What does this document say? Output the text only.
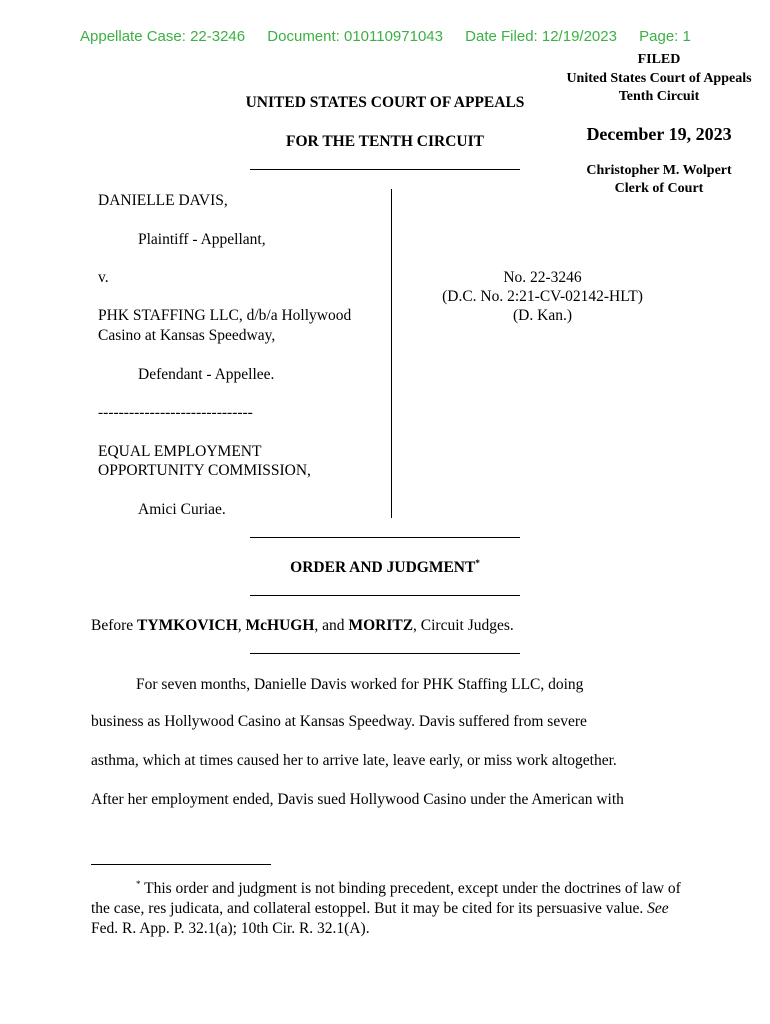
Appellate Case: 22-3246 Document: 010110971043 Date Filed: 12/19/2023 Page: 1
FILED
United States Court of Appeals
Tenth Circuit
December 19, 2023
Christopher M. Wolpert
Clerk of Court
UNITED STATES COURT OF APPEALS
FOR THE TENTH CIRCUIT
DANIELLE DAVIS,
Plaintiff - Appellant,
v.
PHK STAFFING LLC, d/b/a Hollywood
Casino at Kansas Speedway,
Defendant - Appellee.
------------------------------
EQUAL EMPLOYMENT
OPPORTUNITY COMMISSION,
Amici Curiae.
No. 22-3246
(D.C. No. 2:21-CV-02142-HLT)
(D. Kan.)
ORDER AND JUDGMENT*
Before TYMKOVICH, McHUGH, and MORITZ, Circuit Judges.
For seven months, Danielle Davis worked for PHK Staffing LLC, doing
business as Hollywood Casino at Kansas Speedway. Davis suffered from severe
asthma, which at times caused her to arrive late, leave early, or miss work altogether.
After her employment ended, Davis sued Hollywood Casino under the American with
* This order and judgment is not binding precedent, except under the doctrines of law of the case, res judicata, and collateral estoppel. But it may be cited for its persuasive value. See Fed. R. App. P. 32.1(a); 10th Cir. R. 32.1(A).
